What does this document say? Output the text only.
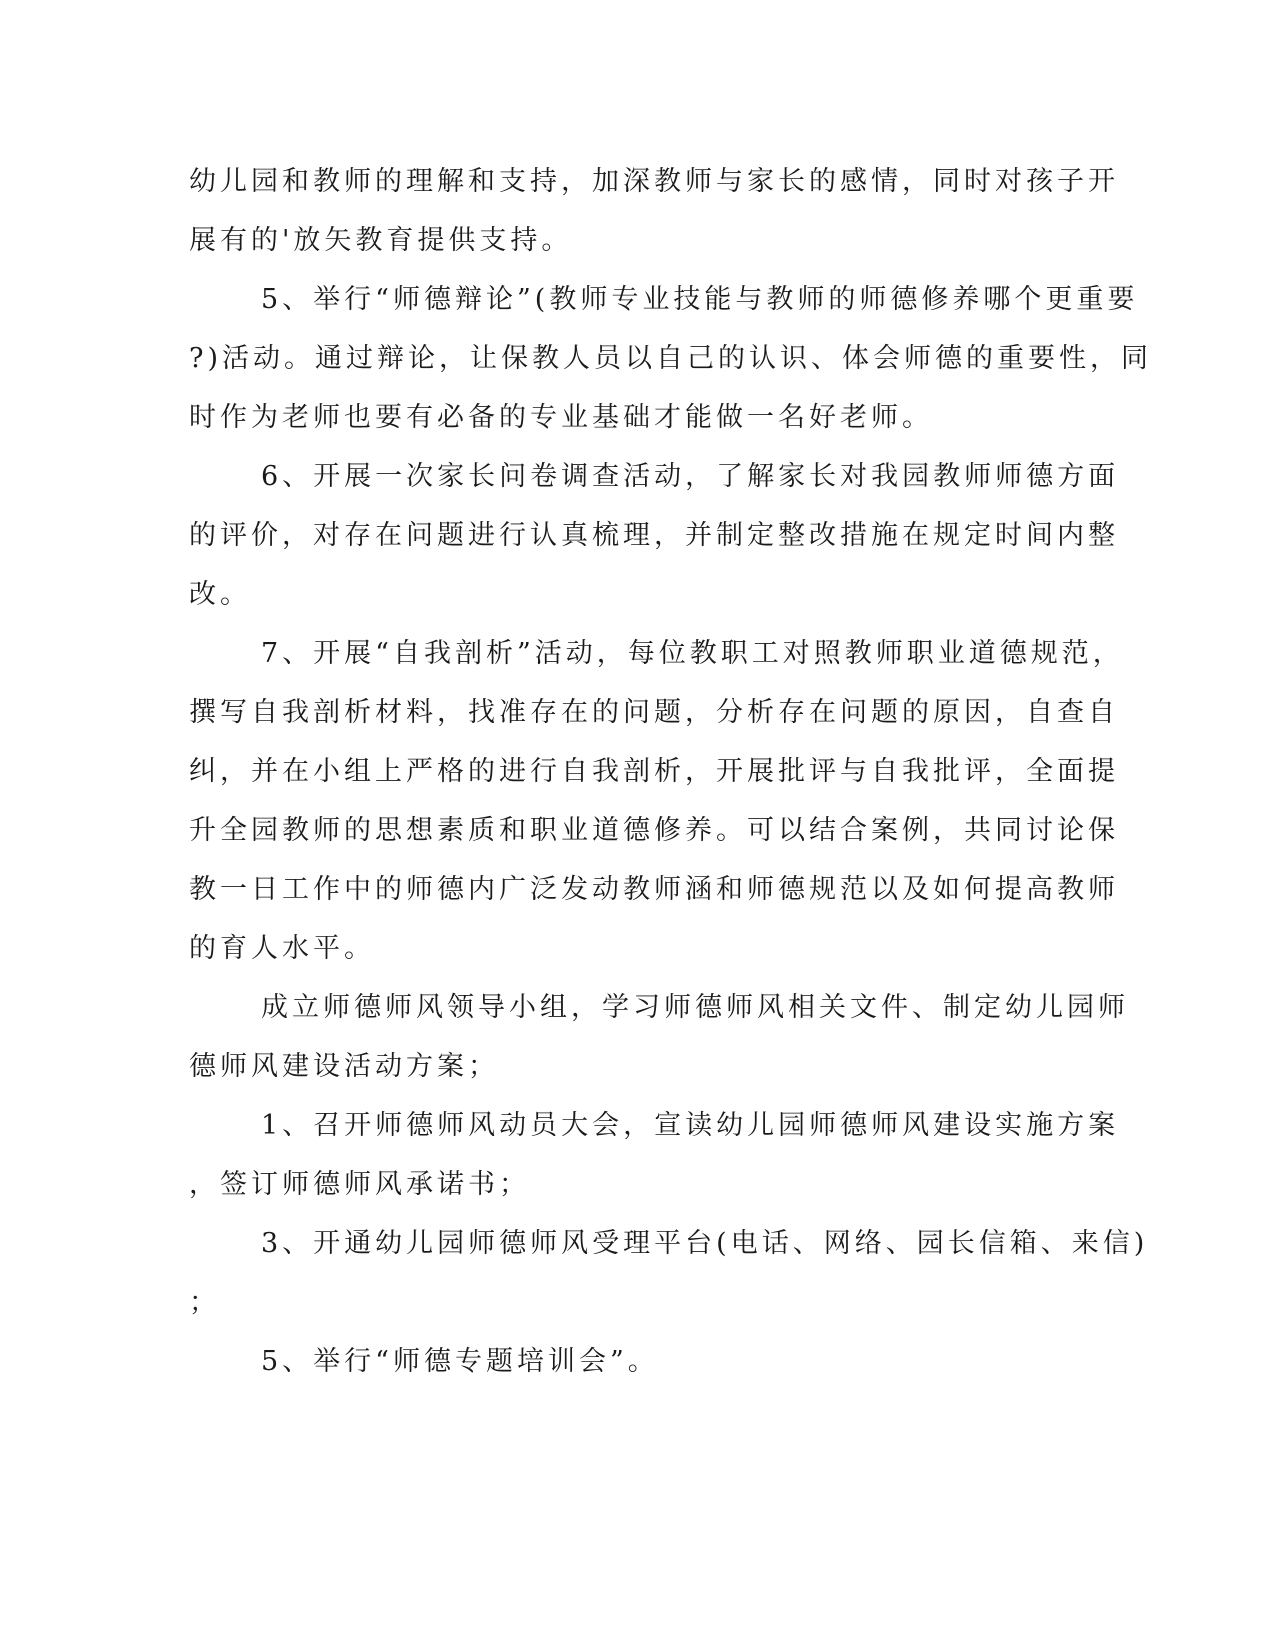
幼儿园和教师的理解和支持，加深教师与家长的感情，同时对孩子开
展有的'放矢教育提供支持。
5、举行“师德辩论”(教师专业技能与教师的师德修养哪个更重要
?)活动。通过辩论，让保教人员以自己的认识、体会师德的重要性，同
时作为老师也要有必备的专业基础才能做一名好老师。
6、开展一次家长问卷调查活动，了解家长对我园教师师德方面
的评价，对存在问题进行认真梳理，并制定整改措施在规定时间内整
改。
7、开展“自我剖析”活动，每位教职工对照教师职业道德规范，
撰写自我剖析材料，找准存在的问题，分析存在问题的原因，自查自
纠，并在小组上严格的进行自我剖析，开展批评与自我批评，全面提
升全园教师的思想素质和职业道德修养。可以结合案例，共同讨论保
教一日工作中的师德内广泛发动教师涵和师德规范以及如何提高教师
的育人水平。
成立师德师风领导小组，学习师德师风相关文件、制定幼儿园师
德师风建设活动方案；
1、召开师德师风动员大会，宣读幼儿园师德师风建设实施方案
，签订师德师风承诺书；
3、开通幼儿园师德师风受理平台(电话、网络、园长信箱、来信)
；
5、举行“师德专题培训会”。
